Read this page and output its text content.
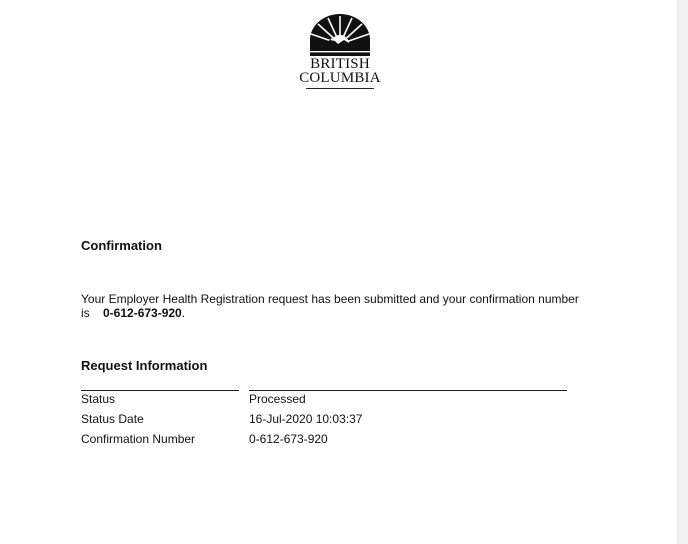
BRITISH
COLUMBIA
Confirmation
Your Employer Health Registration request has been submitted and your confirmation number
is 0-612-673-920.
Request Information
Status	Processed
Status Date	16-Jul-2020 10:03:37
Confirmation Number	0-612-673-920
